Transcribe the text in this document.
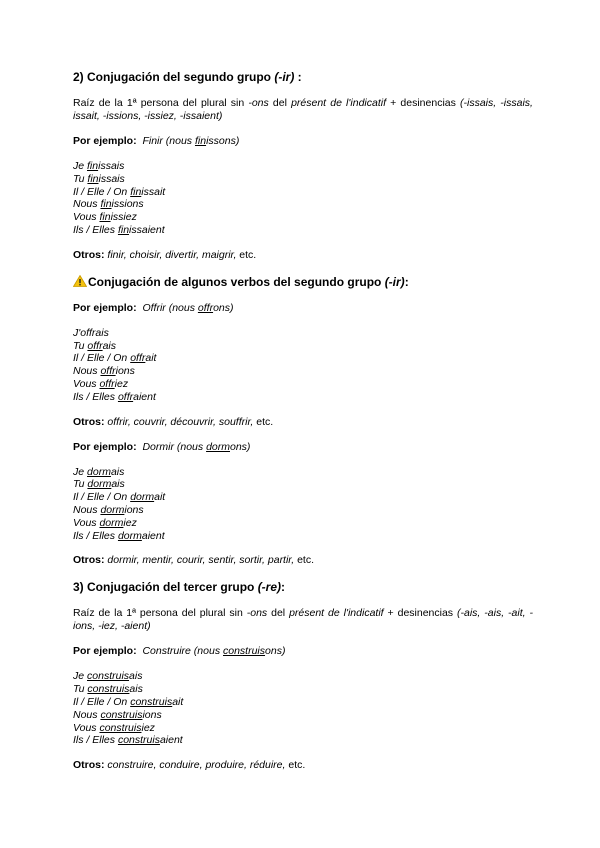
2) Conjugación del segundo grupo (-ir) :

Raíz de la 1ª persona del plural sin -ons del présent de l'indicatif + desinencias (-issais, -issais, issait, -issions, -issiez, -issaient)

Por ejemplo: Finir (nous finissons)

Je finissais

Tu finissais

Il / Elle / On finissait

Nous finissions

Vous finissiez

Ils / Elles finissaient

Otros: finir, choisir, divertir, maigrir, etc.

Conjugación de algunos verbos del segundo grupo (-ir):

Por ejemplo: Offrir (nous offrons)

J'offrais

Tu offrais

Il / Elle / On offrait

Nous offrions

Vous offriez

Ils / Elles offraient

Otros: offrir, couvrir, découvrir, souffrir, etc.

Por ejemplo: Dormir (nous dormons)

Je dormais

Tu dormais

Il / Elle / On dormait

Nous dormions

Vous dormiez

Ils / Elles dormaient

Otros: dormir, mentir, courir, sentir, sortir, partir, etc.

3) Conjugación del tercer grupo (-re):

Raíz de la 1ª persona del plural sin -ons del présent de l'indicatif + desinencias (-ais, -ais, -ait, -ions, -iez, -aient)

Por ejemplo: Construire (nous construisons)

Je construisais

Tu construisais

Il / Elle / On construisait

Nous construisions

Vous construisiez

Ils / Elles construisaient

Otros: construire, conduire, produire, réduire, etc.
